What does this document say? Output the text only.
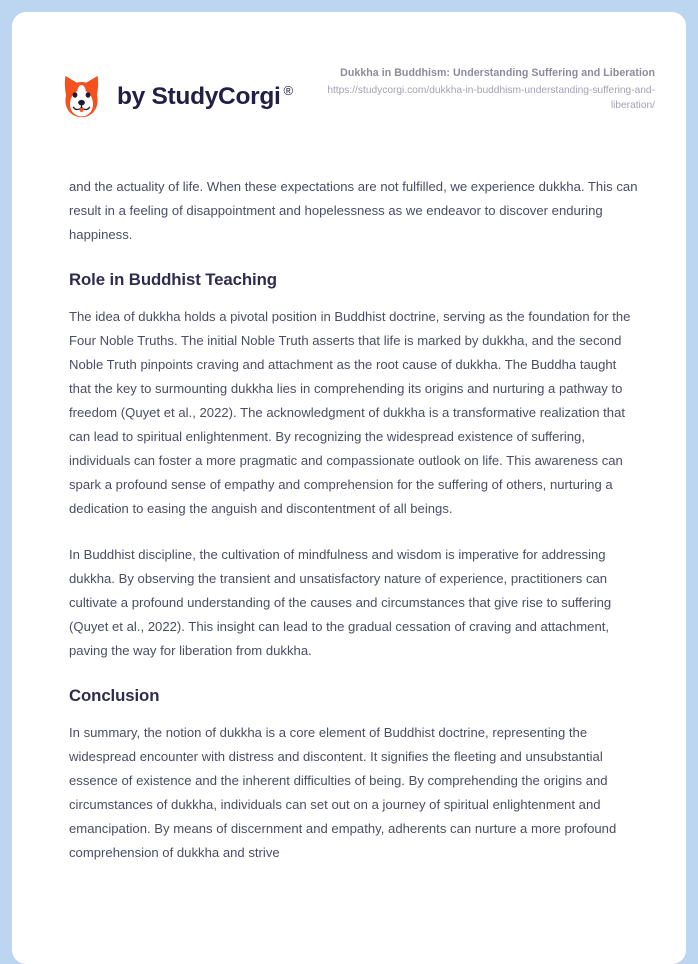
by StudyCorgi ®
Dukkha in Buddhism: Understanding Suffering and Liberation
https://studycorgi.com/dukkha-in-buddhism-understanding-suffering-and-liberation/

and the actuality of life. When these expectations are not fulfilled, we experience dukkha. This can result in a feeling of disappointment and hopelessness as we endeavor to discover enduring happiness.

Role in Buddhist Teaching

The idea of dukkha holds a pivotal position in Buddhist doctrine, serving as the foundation for the Four Noble Truths. The initial Noble Truth asserts that life is marked by dukkha, and the second Noble Truth pinpoints craving and attachment as the root cause of dukkha. The Buddha taught that the key to surmounting dukkha lies in comprehending its origins and nurturing a pathway to freedom (Quyet et al., 2022). The acknowledgment of dukkha is a transformative realization that can lead to spiritual enlightenment. By recognizing the widespread existence of suffering, individuals can foster a more pragmatic and compassionate outlook on life. This awareness can spark a profound sense of empathy and comprehension for the suffering of others, nurturing a dedication to easing the anguish and discontentment of all beings.

In Buddhist discipline, the cultivation of mindfulness and wisdom is imperative for addressing dukkha. By observing the transient and unsatisfactory nature of experience, practitioners can cultivate a profound understanding of the causes and circumstances that give rise to suffering (Quyet et al., 2022). This insight can lead to the gradual cessation of craving and attachment, paving the way for liberation from dukkha.

Conclusion

In summary, the notion of dukkha is a core element of Buddhist doctrine, representing the widespread encounter with distress and discontent. It signifies the fleeting and unsubstantial essence of existence and the inherent difficulties of being. By comprehending the origins and circumstances of dukkha, individuals can set out on a journey of spiritual enlightenment and emancipation. By means of discernment and empathy, adherents can nurture a more profound comprehension of dukkha and strive
